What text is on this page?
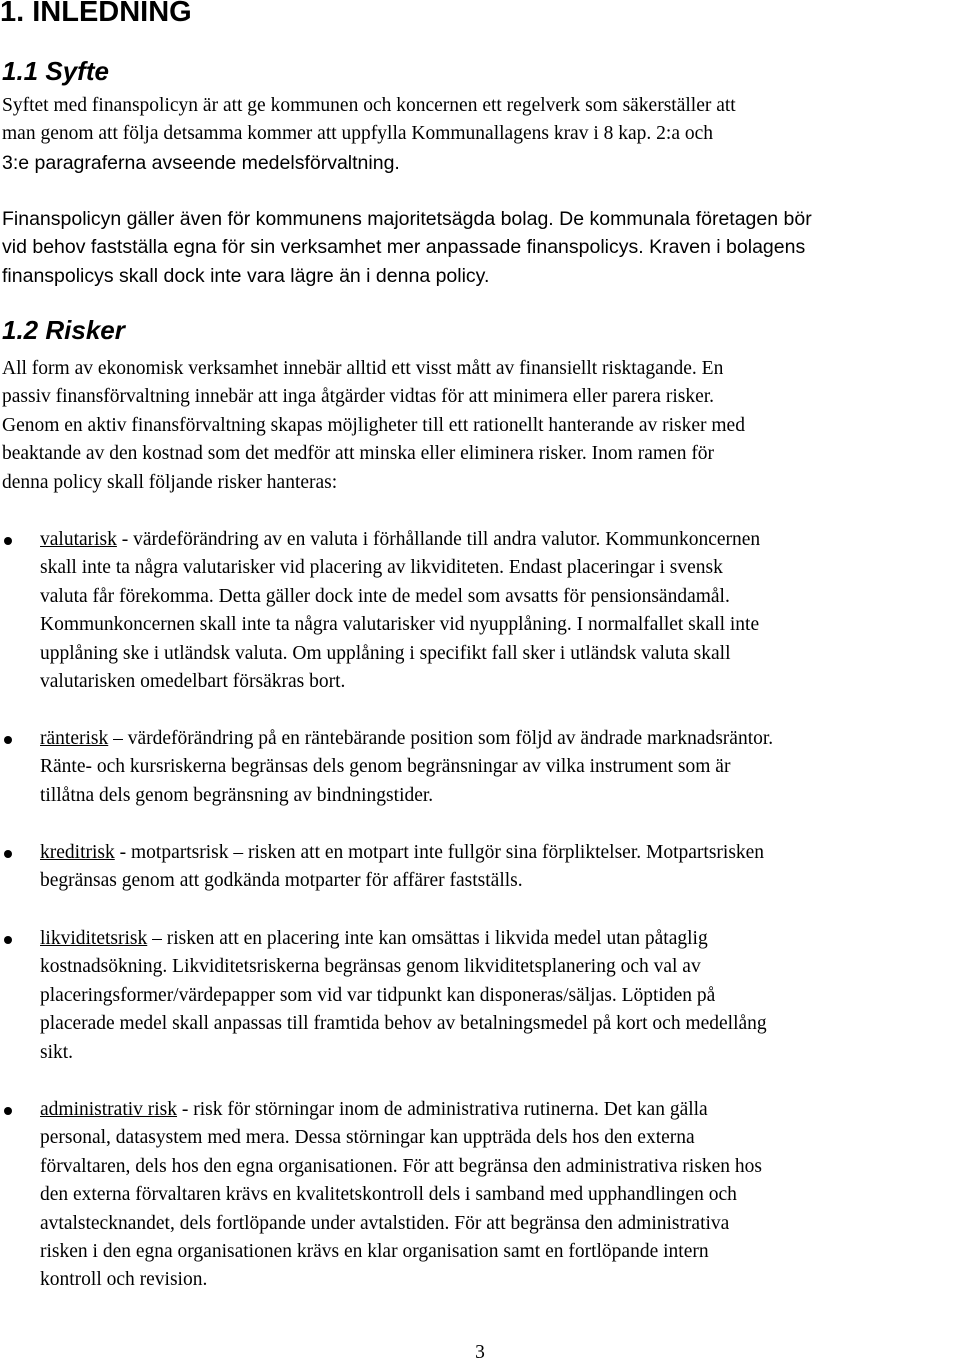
1. INLEDNING
1.1 Syfte

Syftet med finanspolicyn är att ge kommunen och koncernen ett regelverk som säkerställer att
man genom att följa detsamma kommer att uppfylla Kommunallagens krav i 8 kap. 2:a och
3:e paragraferna avseende medelsförvaltning.

Finanspolicyn gäller även för kommunens majoritetsägda bolag. De kommunala företagen bör
vid behov fastställa egna för sin verksamhet mer anpassade finanspolicys. Kraven i bolagens
finanspolicys skall dock inte vara lägre än i denna policy.

1.2 Risker

All form av ekonomisk verksamhet innebär alltid ett visst mått av finansiellt risktagande. En
passiv finansförvaltning innebär att inga åtgärder vidtas för att minimera eller parera risker.
Genom en aktiv finansförvaltning skapas möjligheter till ett rationellt hanterande av risker med
beaktande av den kostnad som det medför att minska eller eliminera risker. Inom ramen för
denna policy skall följande risker hanteras:

valutarisk - värdeförändring av en valuta i förhållande till andra valutor. Kommunkoncernen
skall inte ta några valutarisker vid placering av likviditeten. Endast placeringar i svensk
valuta får förekomma. Detta gäller dock inte de medel som avsatts för pensionsändamål.
Kommunkoncernen skall inte ta några valutarisker vid nyupplåning. I normalfallet skall inte
upplåning ske i utländsk valuta. Om upplåning i specifikt fall sker i utländsk valuta skall
valutarisken omedelbart försäkras bort.
ränterisk – värdeförändring på en räntebärande position som följd av ändrade marknadsräntor.
Ränte- och kursriskerna begränsas dels genom begränsningar av vilka instrument som är
tillåtna dels genom begränsning av bindningstider.
kreditrisk - motpartsrisk – risken att en motpart inte fullgör sina förpliktelser. Motpartsrisken
begränsas genom att godkända motparter för affärer fastställs.
likviditetsrisk – risken att en placering inte kan omsättas i likvida medel utan påtaglig
kostnadsökning. Likviditetsriskerna begränsas genom likviditetsplanering och val av
placeringsformer/värdepapper som vid var tidpunkt kan disponeras/säljas. Löptiden på
placerade medel skall anpassas till framtida behov av betalningsmedel på kort och medellång
sikt.
administrativ risk - risk för störningar inom de administrativa rutinerna. Det kan gälla
personal, datasystem med mera. Dessa störningar kan uppträda dels hos den externa
förvaltaren, dels hos den egna organisationen. För att begränsa den administrativa risken hos
den externa förvaltaren krävs en kvalitetskontroll dels i samband med upphandlingen och
avtalstecknandet, dels fortlöpande under avtalstiden. För att begränsa den administrativa
risken i den egna organisationen krävs en klar organisation samt en fortlöpande intern
kontroll och revision.
3
